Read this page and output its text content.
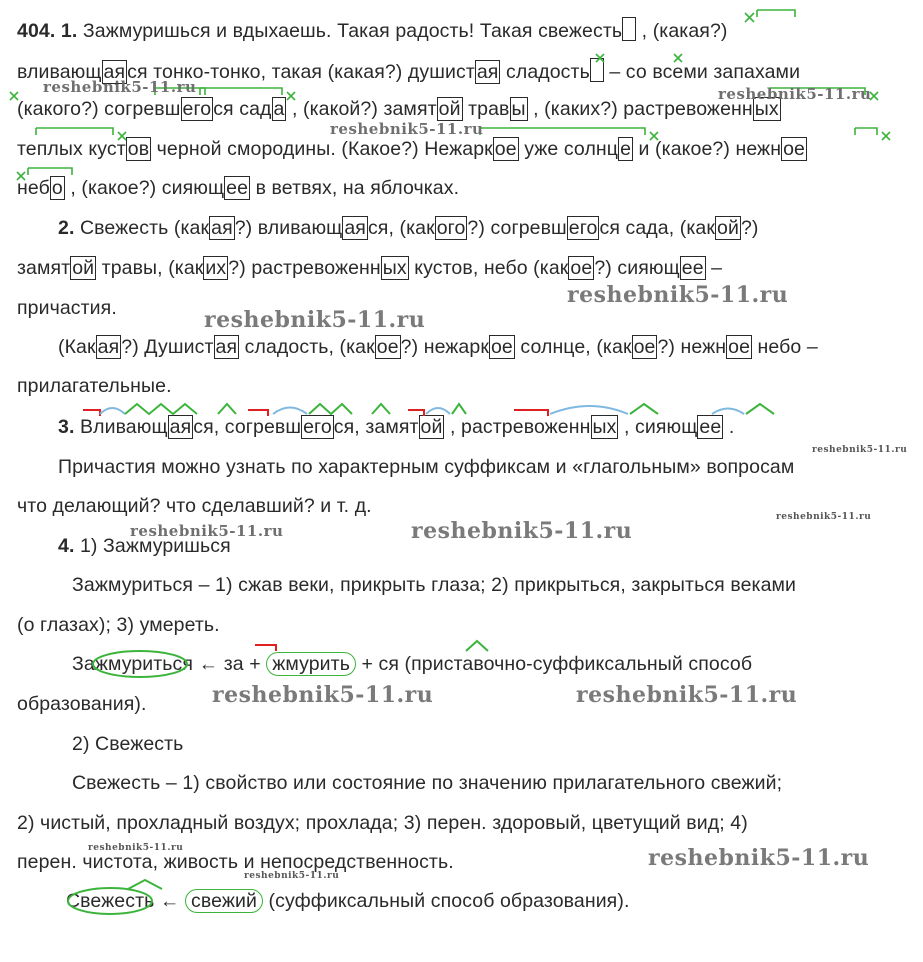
404. 1. Зажмуришься и вдыхаешь. Такая радость! Такая свежесть , (какая?)
вливающ ая ся тонко-тонко, такая (какая?) душист ая сладость – со всеми запахами
(какого?) согревш его ся сад а , (какой?) замят ой трав ы , (каких?) растревоженн ых
теплых куст ов черной смородины. (Какое?) Нежарк ое уже солнц е и (какое?) нежн ое
неб о , (какое?) сияющ ее в ветвях, на яблочках.
2. Свежесть (как ая ?) вливающ ая ся, (как ого ?) согревш его ся сада, (как ой ?)
замят ой травы, (как их ?) растревоженн ых кустов, небо (как ое ?) сияющ ее –
причастия.
(Как ая ?) Душист ая сладость, (как ое ?) нежарк ое солнце, (как ое ?) нежн ое небо –
прилагательные.
3. Вливающ ая ся, согревш его ся, замят ой , растревоженн ых , сияющ ее .
Причастия можно узнать по характерным суффиксам и «глагольным» вопросам
что делающий? что сделавший? и т. д.
4. 1) Зажмуришься
Зажмуриться – 1) сжав веки, прикрыть глаза; 2) прикрыться, закрыться веками
(о глазах); 3) умереть.
Зажмуриться ← за + жмурить + ся (приставочно-суффиксальный способ
образования).
2) Свежесть
Свежесть – 1) свойство или состояние по значению прилагательного свежий;
2) чистый, прохладный воздух; прохлада; 3) перен. здоровый, цветущий вид; 4)
перен. чистота, живость и непосредственность.
Свежесть ← свежий (суффиксальный способ образования).
reshebnik5-11.ru	reshebnik5-11.ru
reshebnik5-11.ru
reshebnik5-11.ru
reshebnik5-11.ru
reshebnik5-11.ru
reshebnik5-11.ru
reshebnik5-11.ru	reshebnik5-11.ru
reshebnik5-11.ru	reshebnik5-11.ru
reshebnik5-11.ru	reshebnik5-11.ru
reshebnik5-11.ru
